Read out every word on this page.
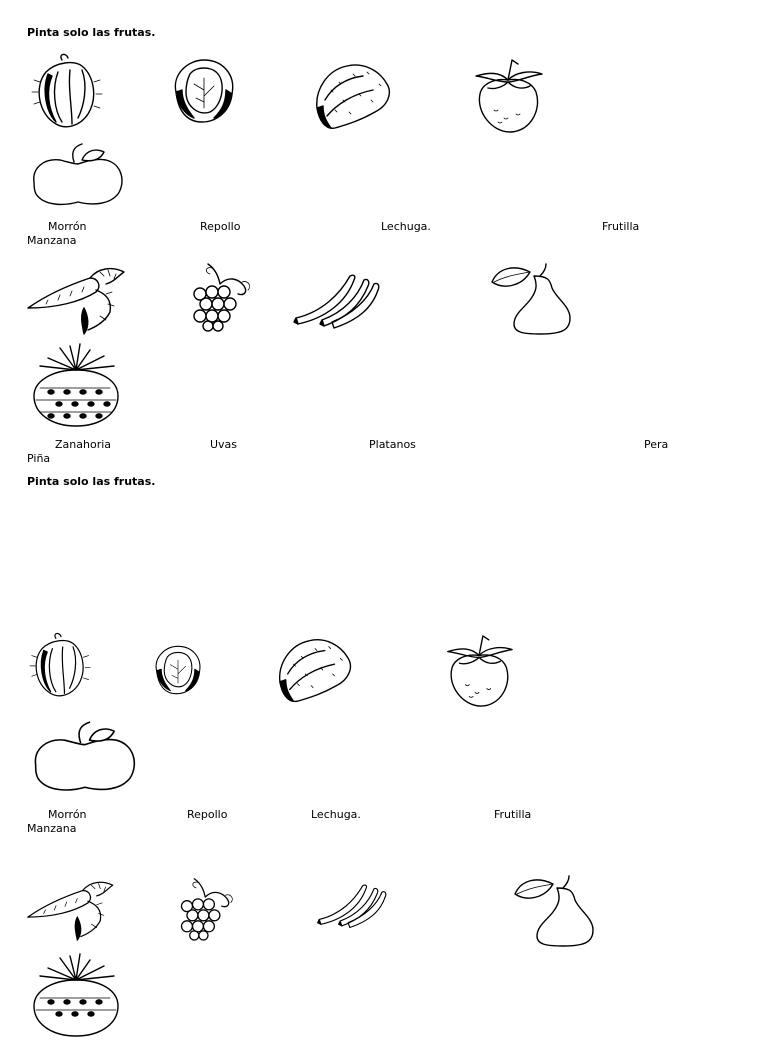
Pinta solo las frutas.
Morrón	Repollo	Lechuga.	Frutilla
Manzana
Zanahoria	Uvas	Platanos	Pera
Piña
Pinta solo las frutas.
Morrón	Repollo	Lechuga.	Frutilla
Manzana
